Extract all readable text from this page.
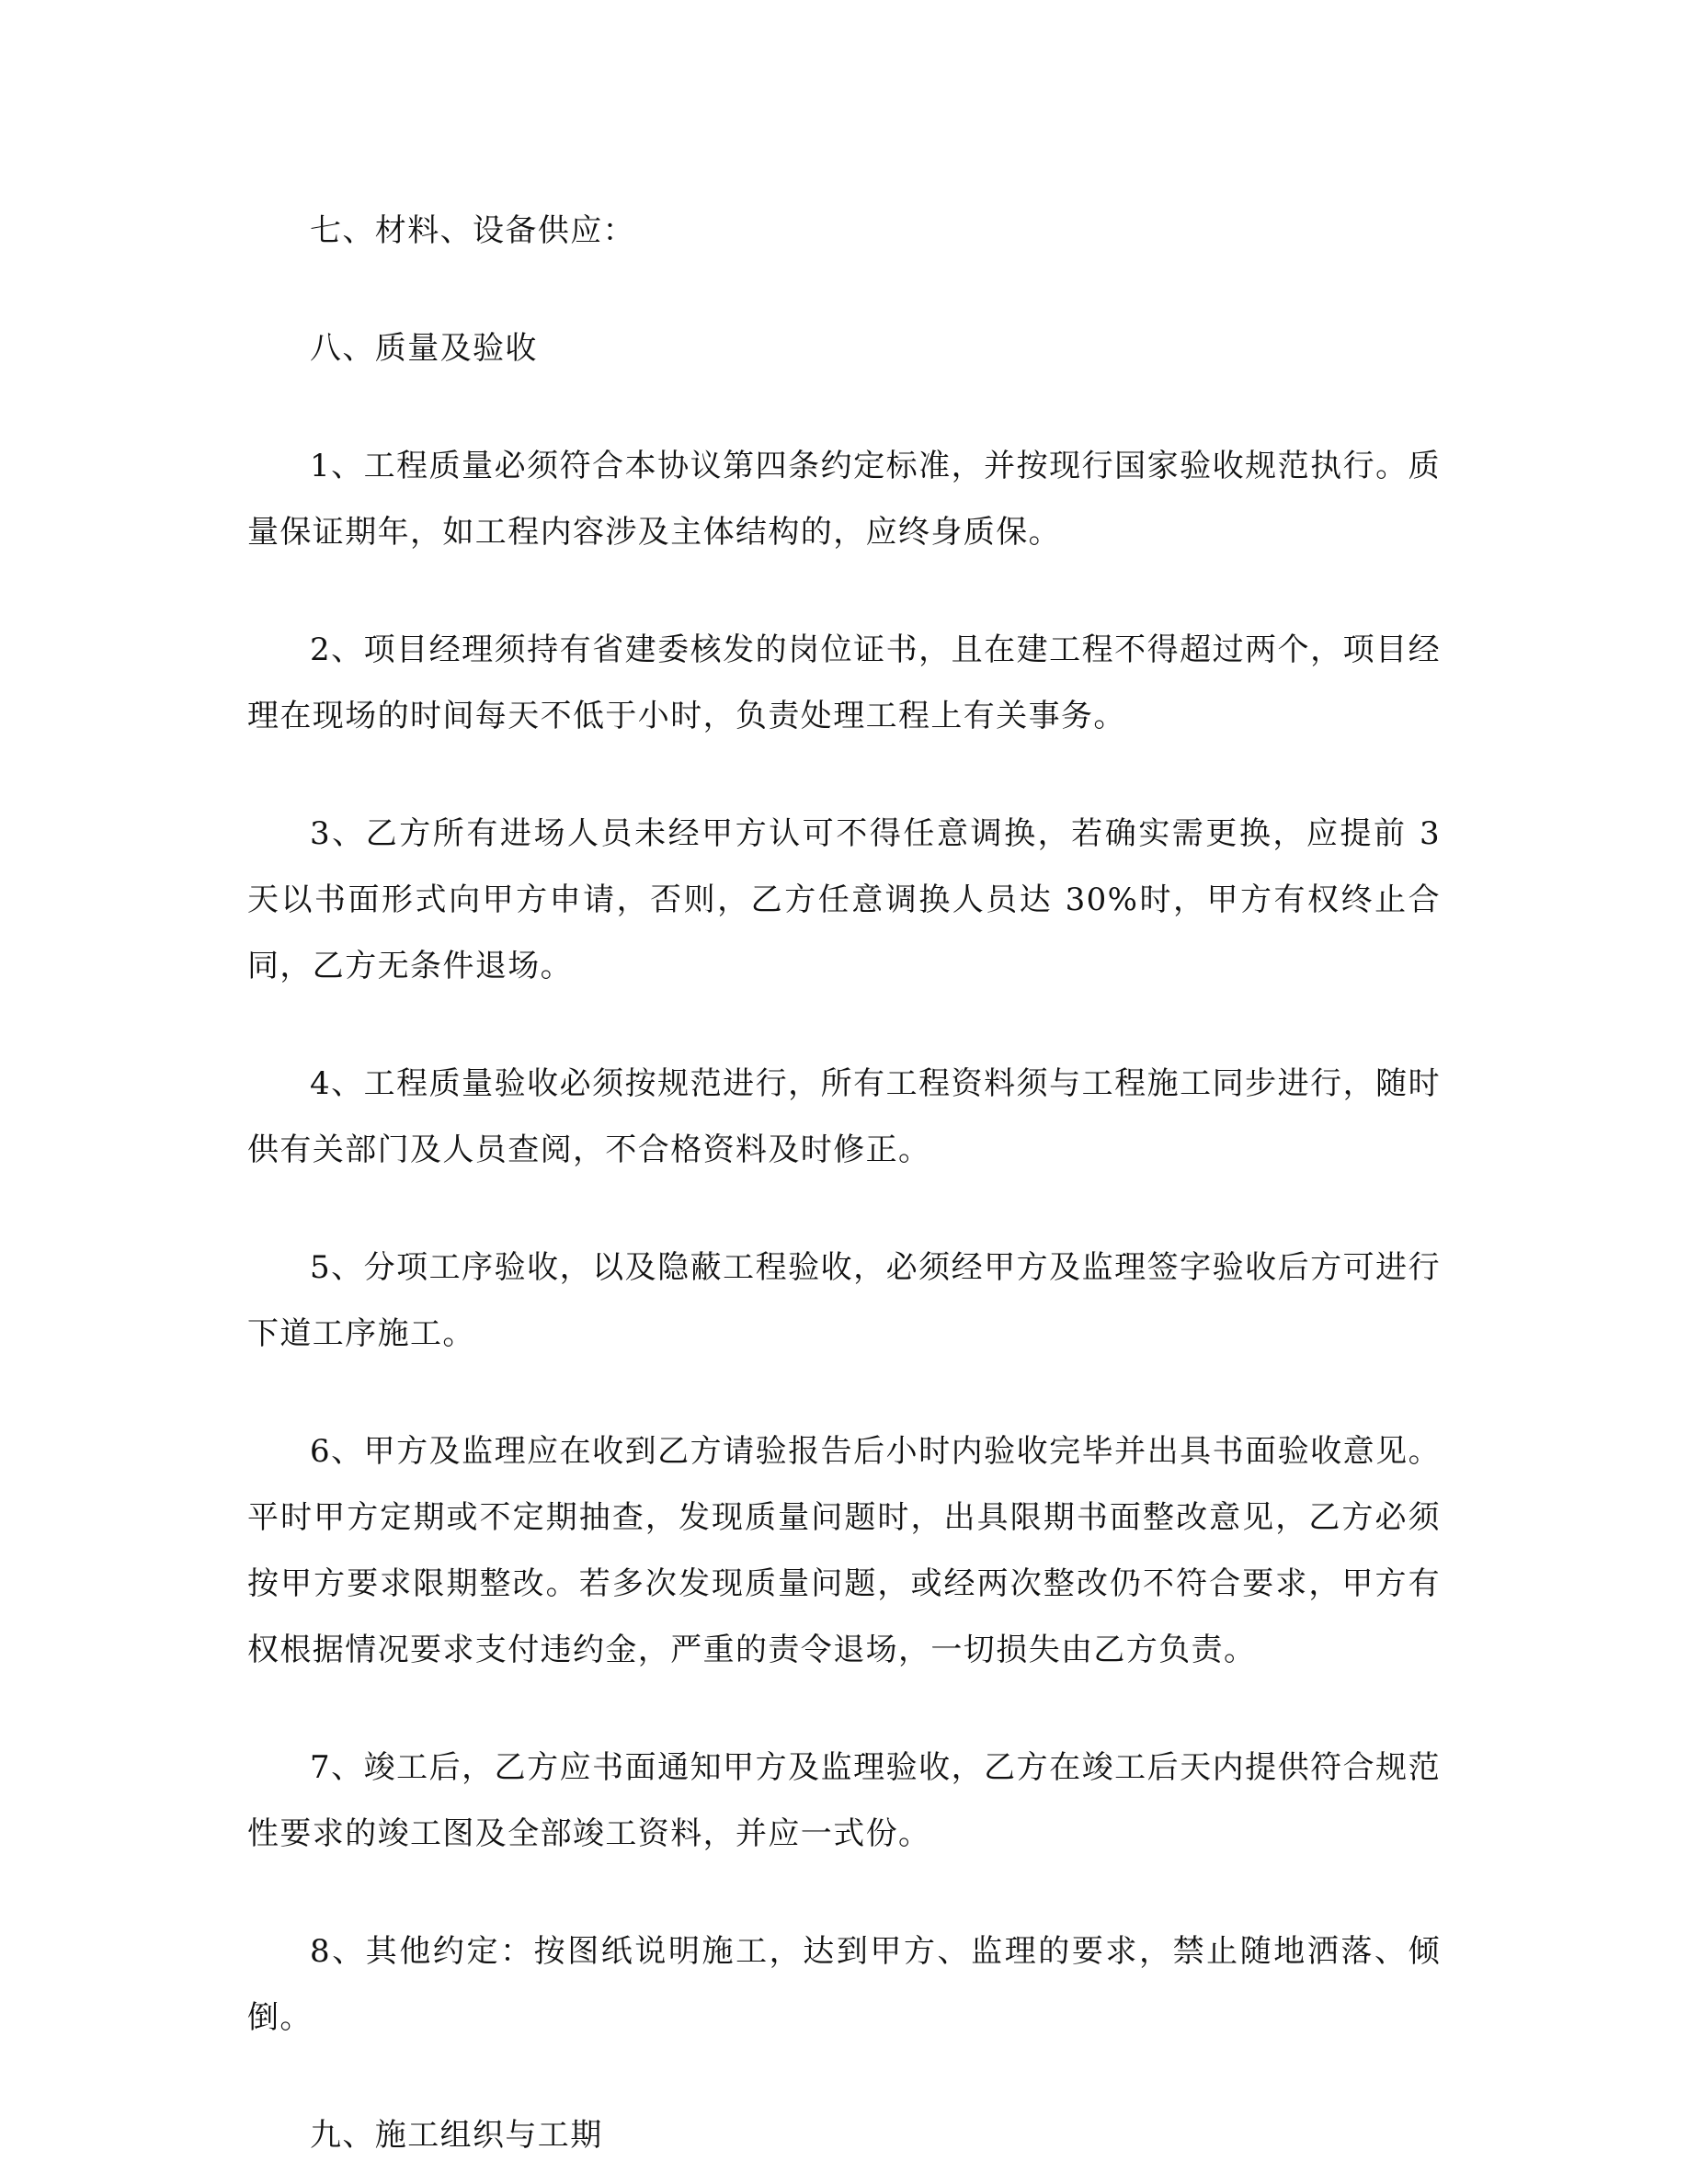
七、材料、设备供应：

八、质量及验收

1、工程质量必须符合本协议第四条约定标准，并按现行国家验收规范执行。质量保证期年，如工程内容涉及主体结构的，应终身质保。

2、项目经理须持有省建委核发的岗位证书，且在建工程不得超过两个，项目经理在现场的时间每天不低于小时，负责处理工程上有关事务。

3、乙方所有进场人员未经甲方认可不得任意调换，若确实需更换，应提前 3 天以书面形式向甲方申请，否则，乙方任意调换人员达 30%时，甲方有权终止合同，乙方无条件退场。

4、工程质量验收必须按规范进行，所有工程资料须与工程施工同步进行，随时供有关部门及人员查阅，不合格资料及时修正。

5、分项工序验收，以及隐蔽工程验收，必须经甲方及监理签字验收后方可进行下道工序施工。

6、甲方及监理应在收到乙方请验报告后小时内验收完毕并出具书面验收意见。平时甲方定期或不定期抽查，发现质量问题时，出具限期书面整改意见，乙方必须按甲方要求限期整改。若多次发现质量问题，或经两次整改仍不符合要求，甲方有权根据情况要求支付违约金，严重的责令退场，一切损失由乙方负责。

7、竣工后，乙方应书面通知甲方及监理验收，乙方在竣工后天内提供符合规范性要求的竣工图及全部竣工资料，并应一式份。

8、其他约定：按图纸说明施工，达到甲方、监理的要求，禁止随地洒落、倾倒。

九、施工组织与工期
